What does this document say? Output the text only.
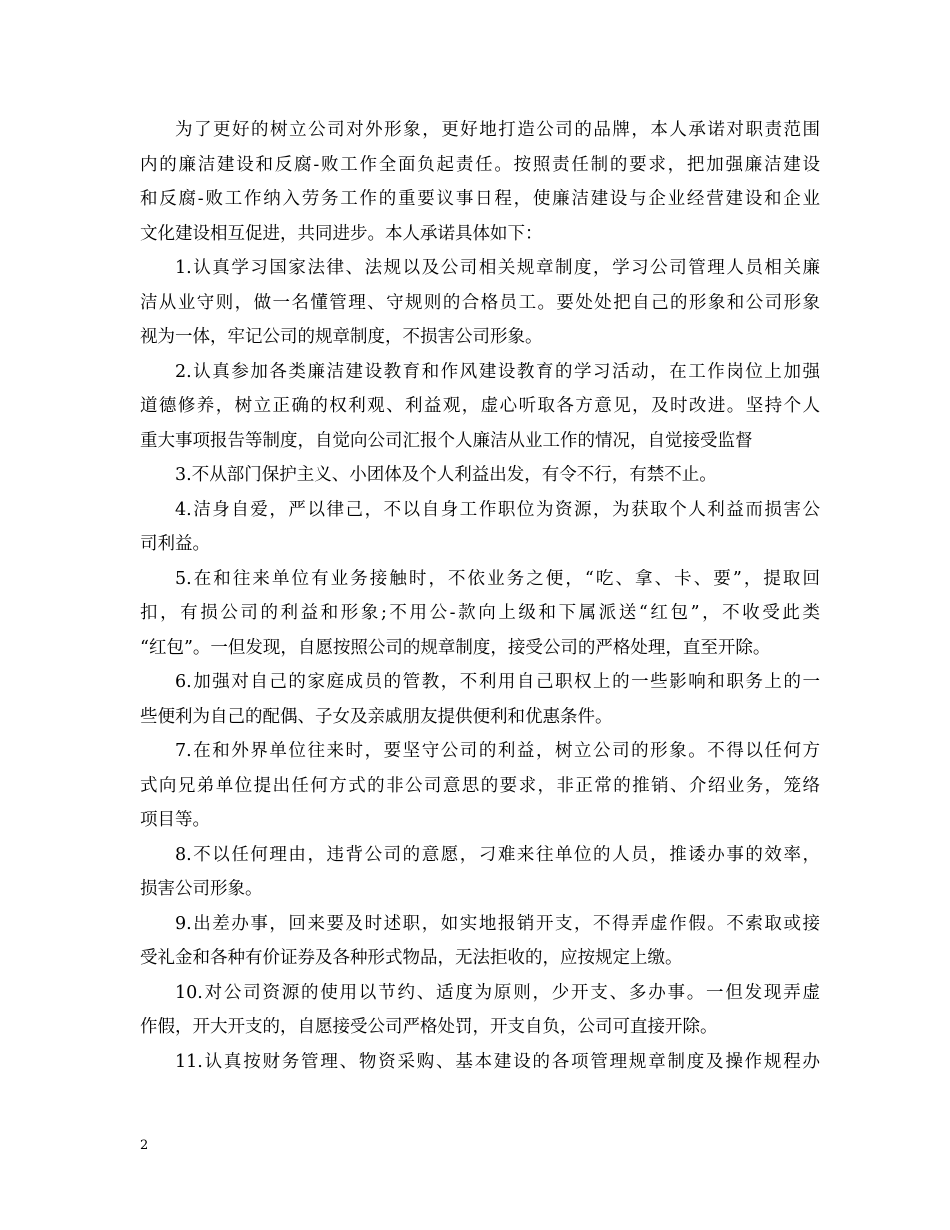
为了更好的树立公司对外形象，更好地打造公司的品牌，本人承诺对职责范围
内的廉洁建设和反腐-败工作全面负起责任。按照责任制的要求，把加强廉洁建设
和反腐-败工作纳入劳务工作的重要议事日程，使廉洁建设与企业经营建设和企业
文化建设相互促进，共同进步。本人承诺具体如下：
1.认真学习国家法律、法规以及公司相关规章制度，学习公司管理人员相关廉
洁从业守则，做一名懂管理、守规则的合格员工。要处处把自己的形象和公司形象
视为一体，牢记公司的规章制度，不损害公司形象。
2.认真参加各类廉洁建设教育和作风建设教育的学习活动，在工作岗位上加强
道德修养，树立正确的权利观、利益观，虚心听取各方意见，及时改进。坚持个人
重大事项报告等制度，自觉向公司汇报个人廉洁从业工作的情况，自觉接受监督
3.不从部门保护主义、小团体及个人利益出发，有令不行，有禁不止。
4.洁身自爱，严以律己，不以自身工作职位为资源，为获取个人利益而损害公
司利益。
5.在和往来单位有业务接触时，不依业务之便，“吃、拿、卡、要”，提取回
扣，有损公司的利益和形象;不用公-款向上级和下属派送“红包”，不收受此类
“红包”。一但发现，自愿按照公司的规章制度，接受公司的严格处理，直至开除。
6.加强对自己的家庭成员的管教，不利用自己职权上的一些影响和职务上的一
些便利为自己的配偶、子女及亲戚朋友提供便利和优惠条件。
7.在和外界单位往来时，要坚守公司的利益，树立公司的形象。不得以任何方
式向兄弟单位提出任何方式的非公司意思的要求，非正常的推销、介绍业务，笼络
项目等。
8.不以任何理由，违背公司的意愿，刁难来往单位的人员，推诿办事的效率，
损害公司形象。
9.出差办事，回来要及时述职，如实地报销开支，不得弄虚作假。不索取或接
受礼金和各种有价证券及各种形式物品，无法拒收的，应按规定上缴。
10.对公司资源的使用以节约、适度为原则，少开支、多办事。一但发现弄虚
作假，开大开支的，自愿接受公司严格处罚，开支自负，公司可直接开除。
11.认真按财务管理、物资采购、基本建设的各项管理规章制度及操作规程办
2
